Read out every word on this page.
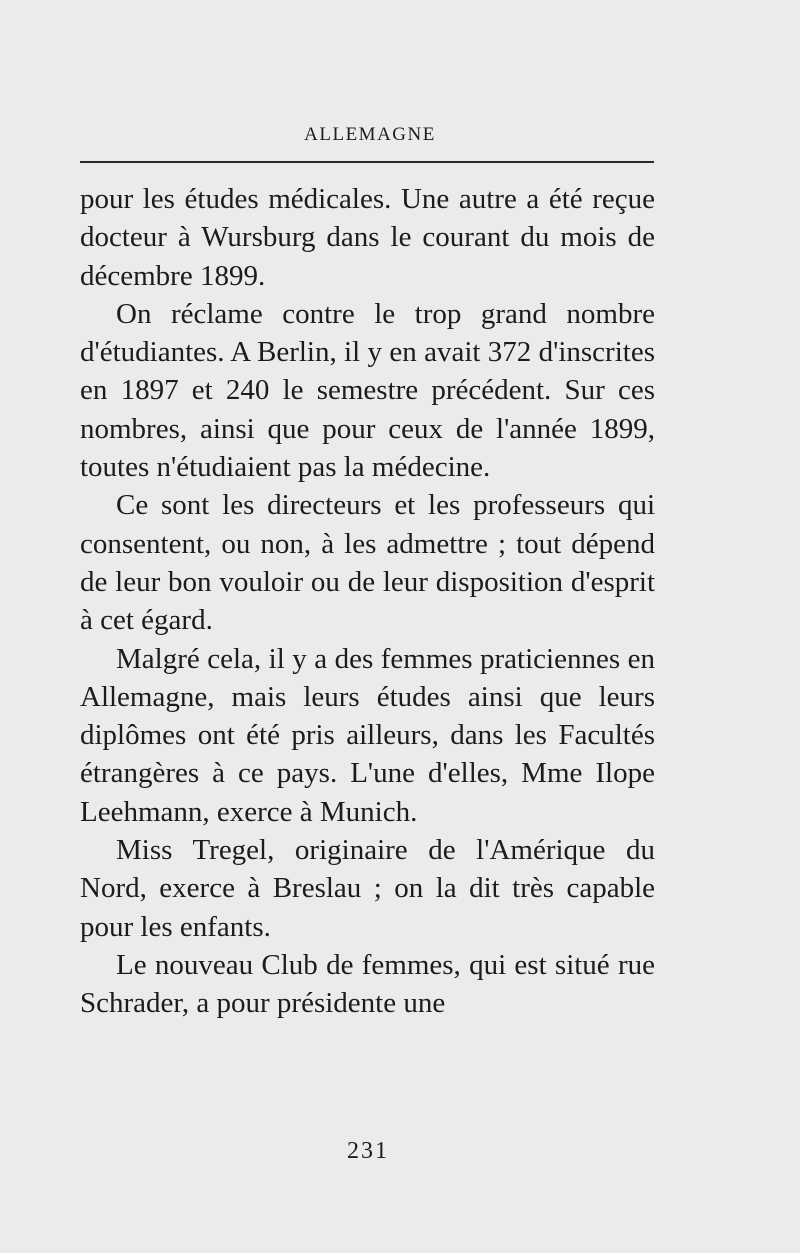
ALLEMAGNE

pour les études médicales. Une autre a été reçue docteur à Wursburg dans le courant du mois de décembre 1899.

On réclame contre le trop grand nombre d'étudiantes. A Berlin, il y en avait 372 d'inscrites en 1897 et 240 le semestre précédent. Sur ces nombres, ainsi que pour ceux de l'année 1899, toutes n'étudiaient pas la médecine.

Ce sont les directeurs et les professeurs qui consentent, ou non, à les admettre ; tout dépend de leur bon vouloir ou de leur disposition d'esprit à cet égard.

Malgré cela, il y a des femmes praticiennes en Allemagne, mais leurs études ainsi que leurs diplômes ont été pris ailleurs, dans les Facultés étrangères à ce pays. L'une d'elles, Mme Ilope Leehmann, exerce à Munich.

Miss Tregel, originaire de l'Amérique du Nord, exerce à Breslau ; on la dit très capable pour les enfants.

Le nouveau Club de femmes, qui est situé rue Schrader, a pour présidente une

231
